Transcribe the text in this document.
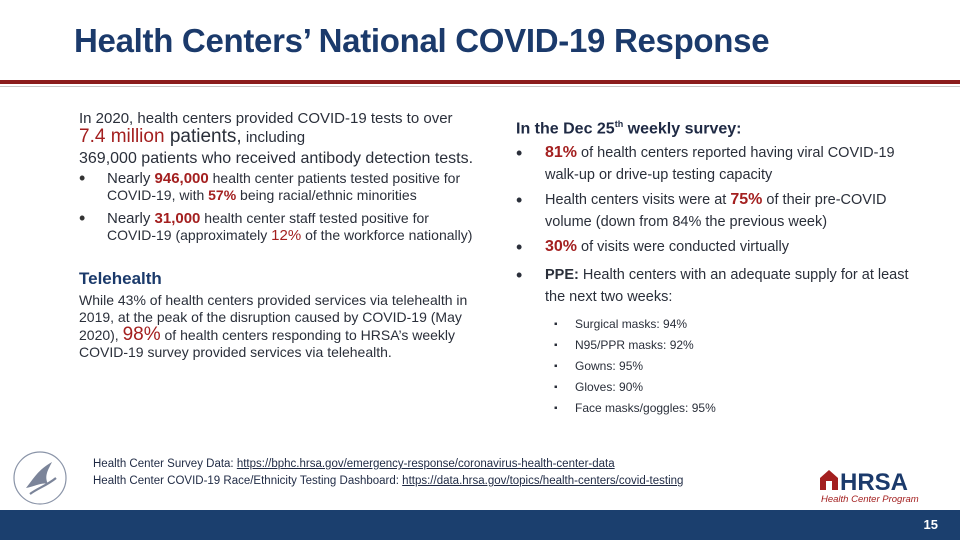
Health Centers’ National COVID-19 Response

In 2020, health centers provided COVID-19 tests to over 7.4 million patients, including

369,000 patients who received antibody detection tests.

• Nearly 946,000 health center patients tested positive for COVID-19, with 57% being racial/ethnic minorities
• Nearly 31,000 health center staff tested positive for COVID-19 (approximately 12% of the workforce nationally)

Telehealth

While 43% of health centers provided services via telehealth in 2019, at the peak of the disruption caused by COVID-19 (May 2020), 98% of health centers responding to HRSA’s weekly COVID-19 survey provided services via telehealth.

In the Dec 25th weekly survey:
• 81% of health centers reported having viral COVID-19 walk-up or drive-up testing capacity
• Health centers visits were at 75% of their pre-COVID volume (down from 84% the previous week)
• 30% of visits were conducted virtually
• PPE: Health centers with an adequate supply for at least the next two weeks:
▪ Surgical masks: 94%
▪ N95/PPR masks: 92%
▪ Gowns: 95%
▪ Gloves: 90%
▪ Face masks/goggles: 95%
Health Center Survey Data: https://bphc.hrsa.gov/emergency-response/coronavirus-health-center-data
Health Center COVID-19 Race/Ethnicity Testing Dashboard: https://data.hrsa.gov/topics/health-centers/covid-testing	HRSA
Health Center Program
15
